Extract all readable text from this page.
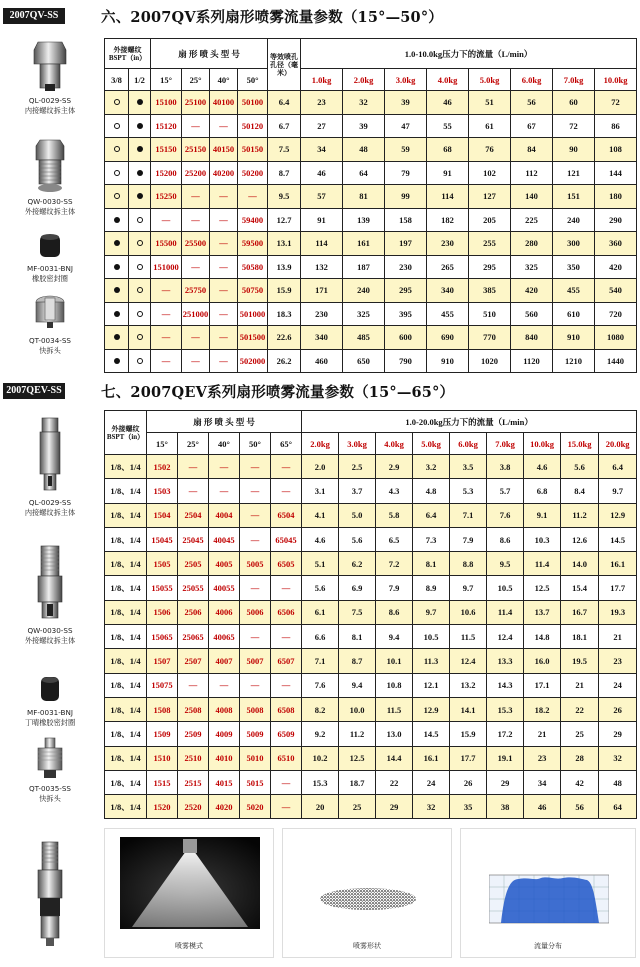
2007QV-SS	六、2007QV系列扇形喷雾流量参数（15°—50°）
QL-0029-SS
内接螺纹拆主体
QW-0030-SS
外接螺纹拆主体
MF-0031-BNJ
橡胶密封圈
QT-0034-SS
快拆头
外接螺纹BSPT（in）		扇 形 喷 头 型 号				等效喷孔孔径（毫米）	1.0-10.0kg压力下的流量（L/min）							
3/8	1/2	15°	25°	40°	50°		1.0kg	2.0kg	3.0kg	4.0kg	5.0kg	6.0kg	7.0kg	10.0kg
		15100	25100	40100	50100	6.4	23	32	39	46	51	56	60	72
		15120	—	—	50120	6.7	27	39	47	55	61	67	72	86
		15150	25150	40150	50150	7.5	34	48	59	68	76	84	90	108
		15200	25200	40200	50200	8.7	46	64	79	91	102	112	121	144
		15250	—	—	—	9.5	57	81	99	114	127	140	151	180
		—	—	—	59400	12.7	91	139	158	182	205	225	240	290
		15500	25500	—	59500	13.1	114	161	197	230	255	280	300	360
		151000	—	—	50580	13.9	132	187	230	265	295	325	350	420
		—	25750	—	50750	15.9	171	240	295	340	385	420	455	540
		—	251000	—	501000	18.3	230	325	395	455	510	560	610	720
		—	—	—	501500	22.6	340	485	600	690	770	840	910	1080
		—	—	—	502000	26.2	460	650	790	910	1020	1120	1210	1440
2007QEV-SS	七、2007QEV系列扇形喷雾流量参数（15°—65°）
QL-0029-SS
内接螺纹拆主体
QW-0030-SS
外接螺纹拆主体
MF-0031-BNJ
丁晴橡胶密封圈
QT-0035-SS
快拆头
外接螺纹BSPT（in）	扇 形 喷 头 型 号					1.0-20.0kg压力下的流量（L/min）								
	15°	25°	40°	50°	65°	2.0kg	3.0kg	4.0kg	5.0kg	6.0kg	7.0kg	10.0kg	15.0kg	20.0kg
1/8、1/4	1502	—	—	—	—	2.0	2.5	2.9	3.2	3.5	3.8	4.6	5.6	6.4
1/8、1/4	1503	—	—	—	—	3.1	3.7	4.3	4.8	5.3	5.7	6.8	8.4	9.7
1/8、1/4	1504	2504	4004	—	6504	4.1	5.0	5.8	6.4	7.1	7.6	9.1	11.2	12.9
1/8、1/4	15045	25045	40045	—	65045	4.6	5.6	6.5	7.3	7.9	8.6	10.3	12.6	14.5
1/8、1/4	1505	2505	4005	5005	6505	5.1	6.2	7.2	8.1	8.8	9.5	11.4	14.0	16.1
1/8、1/4	15055	25055	40055	—	—	5.6	6.9	7.9	8.9	9.7	10.5	12.5	15.4	17.7
1/8、1/4	1506	2506	4006	5006	6506	6.1	7.5	8.6	9.7	10.6	11.4	13.7	16.7	19.3
1/8、1/4	15065	25065	40065	—	—	6.6	8.1	9.4	10.5	11.5	12.4	14.8	18.1	21
1/8、1/4	1507	2507	4007	5007	6507	7.1	8.7	10.1	11.3	12.4	13.3	16.0	19.5	23
1/8、1/4	15075	—	—	—	—	7.6	9.4	10.8	12.1	13.2	14.3	17.1	21	24
1/8、1/4	1508	2508	4008	5008	6508	8.2	10.0	11.5	12.9	14.1	15.3	18.2	22	26
1/8、1/4	1509	2509	4009	5009	6509	9.2	11.2	13.0	14.5	15.9	17.2	21	25	29
1/8、1/4	1510	2510	4010	5010	6510	10.2	12.5	14.4	16.1	17.7	19.1	23	28	32
1/8、1/4	1515	2515	4015	5015	—	15.3	18.7	22	24	26	29	34	42	48
1/8、1/4	1520	2520	4020	5020	—	20	25	29	32	35	38	46	56	64
喷雾模式	喷雾形状	流量分布
